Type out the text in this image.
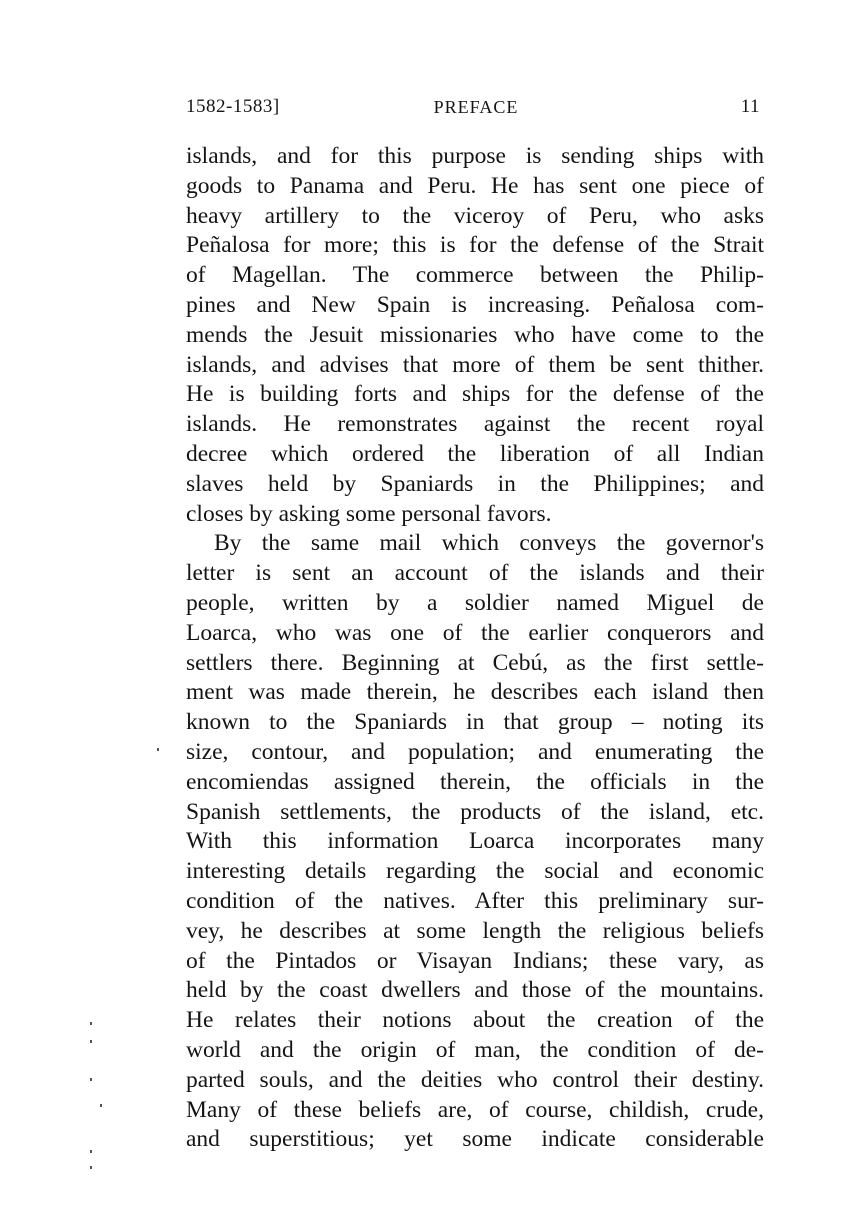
1582-1583]	PREFACE	11
islands, and for this purpose is sending ships with
goods to Panama and Peru. He has sent one piece of
heavy artillery to the viceroy of Peru, who asks
Peñalosa for more; this is for the defense of the Strait
of Magellan. The commerce between the Philip-
pines and New Spain is increasing. Peñalosa com-
mends the Jesuit missionaries who have come to the
islands, and advises that more of them be sent thither.
He is building forts and ships for the defense of the
islands. He remonstrates against the recent royal
decree which ordered the liberation of all Indian
slaves held by Spaniards in the Philippines; and
closes by asking some personal favors.
By the same mail which conveys the governor's
letter is sent an account of the islands and their
people, written by a soldier named Miguel de
Loarca, who was one of the earlier conquerors and
settlers there. Beginning at Cebú, as the first settle-
ment was made therein, he describes each island then
known to the Spaniards in that group – noting its
size, contour, and population; and enumerating the
encomiendas assigned therein, the officials in the
Spanish settlements, the products of the island, etc.
With this information Loarca incorporates many
interesting details regarding the social and economic
condition of the natives. After this preliminary sur-
vey, he describes at some length the religious beliefs
of the Pintados or Visayan Indians; these vary, as
held by the coast dwellers and those of the mountains.
He relates their notions about the creation of the
world and the origin of man, the condition of de-
parted souls, and the deities who control their destiny.
Many of these beliefs are, of course, childish, crude,
and superstitious; yet some indicate considerable
